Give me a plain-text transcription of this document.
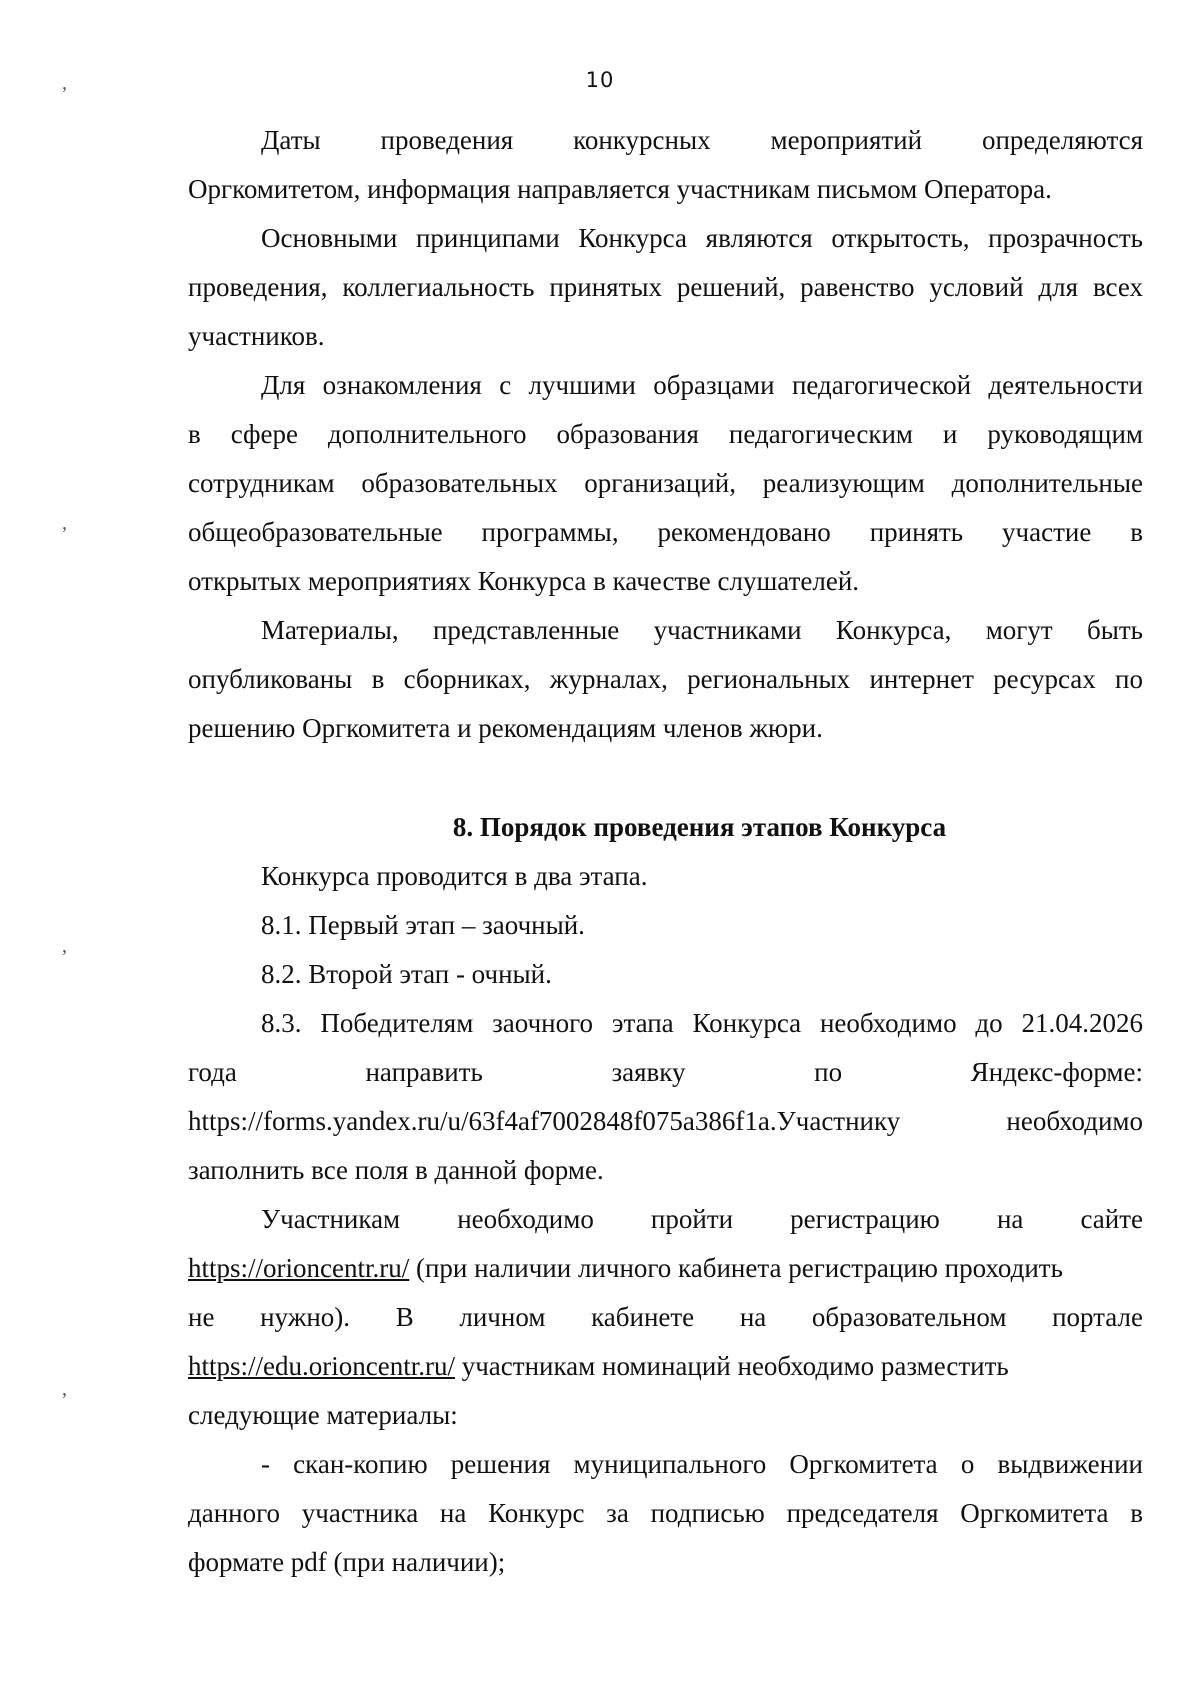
10
,
,
,
,
Даты проведения конкурсных мероприятий определяются
Оргкомитетом, информация направляется участникам письмом Оператора.
Основными принципами Конкурса являются открытость, прозрачность
проведения, коллегиальность принятых решений, равенство условий для всех
участников.
Для ознакомления с лучшими образцами педагогической деятельности
в сфере дополнительного образования педагогическим и руководящим
сотрудникам образовательных организаций, реализующим дополнительные
общеобразовательные программы, рекомендовано принять участие в
открытых мероприятиях Конкурса в качестве слушателей.
Материалы, представленные участниками Конкурса, могут быть
опубликованы в сборниках, журналах, региональных интернет ресурсах по
решению Оргкомитета и рекомендациям членов жюри.
8. Порядок проведения этапов Конкурса
Конкурса проводится в два этапа.
8.1. Первый этап – заочный.
8.2. Второй этап - очный.
8.3. Победителям заочного этапа Конкурса необходимо до 21.04.2026
года направить заявку по Яндекс-форме:
https://forms.yandex.ru/u/63f4af7002848f075a386f1a.Участнику необходимо
заполнить все поля в данной форме.
Участникам необходимо пройти регистрацию на сайте
https://orioncentr.ru/ (при наличии личного кабинета регистрацию проходить
не нужно). В личном кабинете на образовательном портале
https://edu.orioncentr.ru/ участникам номинаций необходимо разместить
следующие материалы:
- скан-копию решения муниципального Оргкомитета о выдвижении
данного участника на Конкурс за подписью председателя Оргкомитета в
формате pdf (при наличии);
